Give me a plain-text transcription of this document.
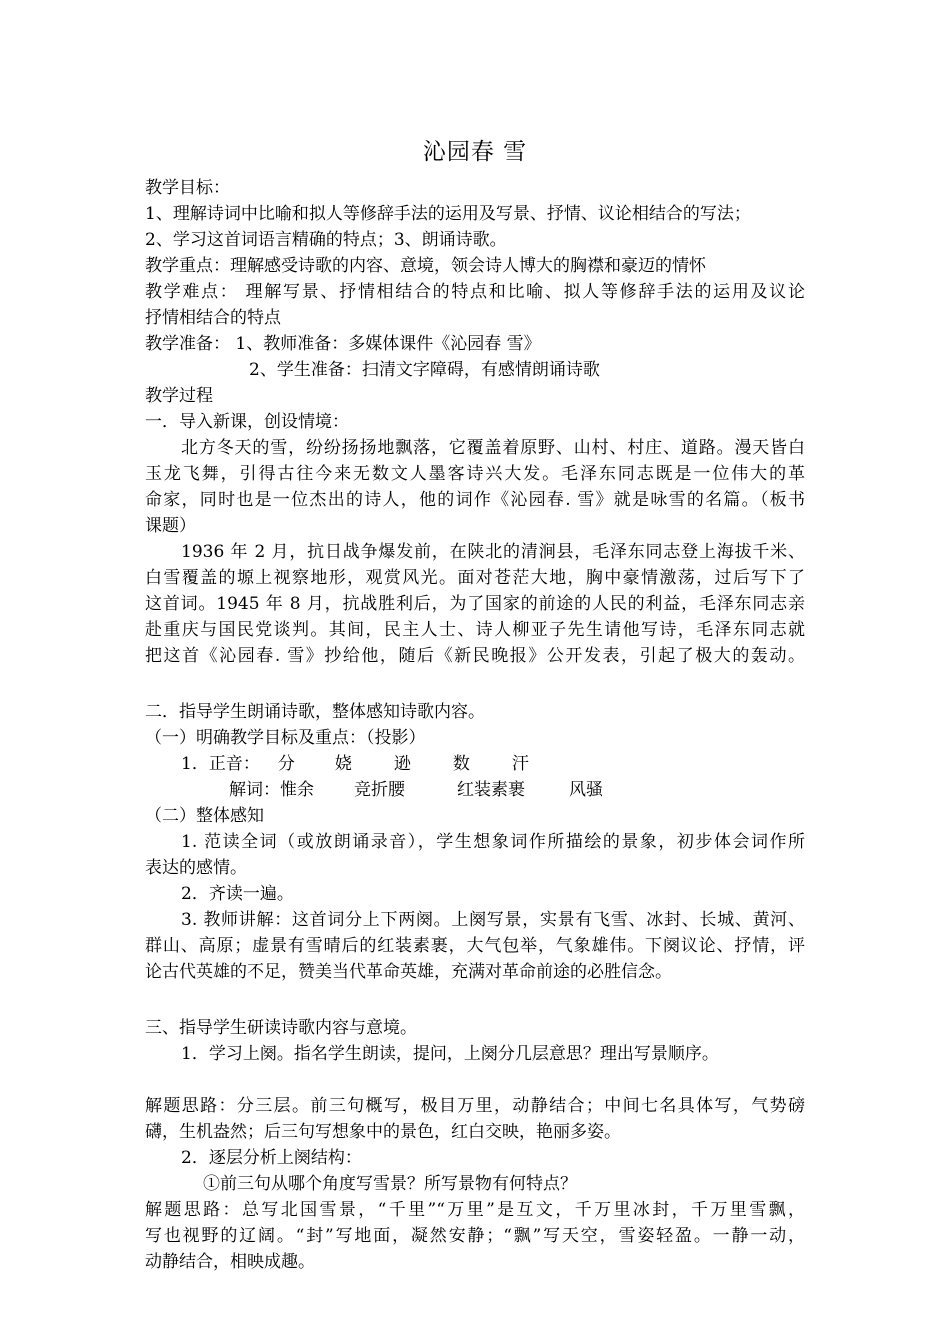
沁园春 雪
教学目标：
1、理解诗词中比喻和拟人等修辞手法的运用及写景、抒情、议论相结合的写法；
2、学习这首词语言精确的特点；3、朗诵诗歌。
教学重点：理解感受诗歌的内容、意境，领会诗人博大的胸襟和豪迈的情怀
教学难点： 理解写景、抒情相结合的特点和比喻、拟人等修辞手法的运用及议论
抒情相结合的特点
教学准备： 1、教师准备：多媒体课件《沁园春 雪》
2、学生准备：扫清文字障碍，有感情朗诵诗歌
教学过程
一．导入新课，创设情境：
北方冬天的雪，纷纷扬扬地飘落，它覆盖着原野、山村、村庄、道路。漫天皆白
玉龙飞舞，引得古往今来无数文人墨客诗兴大发。毛泽东同志既是一位伟大的革
命家，同时也是一位杰出的诗人，他的词作《沁园春. 雪》就是咏雪的名篇。（板书
课题）
1936 年 2 月，抗日战争爆发前，在陕北的清涧县，毛泽东同志登上海拔千米、
白雪覆盖的塬上视察地形，观赏风光。面对苍茫大地，胸中豪情激荡，过后写下了
这首词。1945 年 8 月，抗战胜利后，为了国家的前途的人民的利益，毛泽东同志亲
赴重庆与国民党谈判。其间，民主人士、诗人柳亚子先生请他写诗，毛泽东同志就
把这首《沁园春. 雪》抄给他，随后《新民晚报》公开发表，引起了极大的轰动。
二．指导学生朗诵诗歌，整体感知诗歌内容。
（一）明确教学目标及重点：（投影）
1．正音： 分 娆 逊 数 汗
解词：惟余 竞折腰	红装素裹	风骚
（二）整体感知
1. 范读全词（或放朗诵录音），学生想象词作所描绘的景象，初步体会词作所
表达的感情。
2．齐读一遍。
3. 教师讲解：这首词分上下两阕。上阕写景，实景有飞雪、冰封、长城、黄河、
群山、高原；虚景有雪晴后的红装素裹，大气包举，气象雄伟。下阕议论、抒情，评
论古代英雄的不足，赞美当代革命英雄，充满对革命前途的必胜信念。
三、指导学生研读诗歌内容与意境。
1．学习上阕。指名学生朗读，提问，上阕分几层意思？理出写景顺序。
解题思路：分三层。前三句概写，极目万里，动静结合；中间七名具体写，气势磅
礴，生机盎然；后三句写想象中的景色，红白交映，艳丽多姿。
2．逐层分析上阕结构：
①前三句从哪个角度写雪景？所写景物有何特点？
解题思路：总写北国雪景，“千里”“万里”是互文，千万里冰封，千万里雪飘，
写也视野的辽阔。“封”写地面，凝然安静；“飘”写天空，雪姿轻盈。一静一动，
动静结合，相映成趣。
